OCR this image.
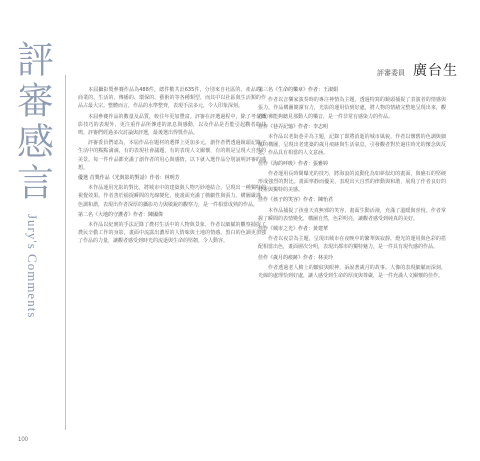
評審感言
Jury's Comments
評審委員 廣台生

本屆攝影獎參賽作品為488件，總件數共計635件，分別來自社區的、產品的、商業的、生活的、傳播的、環保的、藝術的等各種類型，而其中以社區與生活類的作品占最大宗。整體而言，作品的水準整齊，表現手法多元，令人印象深刻。

本屆參賽作品的數量及品質，較往年更加豐富。評審在評選過程中，除了考量攝影技巧的表現外，更注重作品所傳達的訊息與感動，以及作品是否能引起觀者的共鳴。評審們經過多次討論與評選，最後選出得獎作品。

評審委員們認為，本屆作品在題材的選擇上更加多元，創作者們透過鏡頭記錄了生活中的點點滴滴，有的表現社會議題，有的表現人文關懷，有的則是呈現大自然的美景，每一件作品都充滿了創作者的用心與感情。以下就入選作品分別說明評審的感想。

優選 首獎作品《光與影的對話》作者：林明芳

本作品運用光影的對比，將城市中的建築與人物巧妙地結合，呈現出一種獨特的視覺效果。作者善於捕捉瞬間的光線變化，使畫面充滿了戲劇性與張力。構圖嚴謹，色調和諧，表現出作者深厚的攝影功力與敏銳的觀察力，是一件相當成熟的作品。

第二名《大地的守護者》作者：陳國偉

本作品以紀實的手法記錄了農村生活中的人物與景象，作者以細膩的觀察捕捉了農民辛勤工作的身影，畫面中流露出濃厚的人情味與土地的情感。黑白的色調更加強了作品的力量，讓觀者感受到時光的流逝與生命的堅韌，令人動容。

第三名《生命的樂章》作者：王淑娟

作者以音樂家演奏時的專注神情為主題，透過特寫的鏡頭捕捉了表演者的情感與張力。作品構圖簡潔有力，光影的運用恰到好處，將人物的情緒完整地呈現出來，觀者彷彿能夠聽見那動人的樂音，是一件非常有感染力的作品。

佳作《巷弄記憶》作者：李志明

本作品以老街巷弄為主題，記錄了即將消逝的城市風貌。作者以懷舊的色調與細膩的構圖，呈現出老建築的歲月痕跡與生活氣息，引發觀者對於過往時光的懷念與反思，作品具有相當的人文意涵。

佳作《海的呼吸》作者：張雅婷

作者運用長時間曝光的技巧，將海浪的流動化為如夢似幻的畫面，與礁石的堅硬形成強烈的對比。畫面寧靜而優美，表現出大自然的律動與和諧，展現了作者良好的技術與獨特的美感。

佳作《孩子的笑容》作者：陳怡君

本作品捕捉了孩童天真無邪的笑容，畫面生動活潑，充滿了溫暖與喜悅。作者掌握了瞬間的表情變化，構圖自然，色彩明亮，讓觀者感受到純真的美好。

佳作《城市之光》作者：黃建華

作者以夜景為主題，呈現出城市在夜晚中的繁華與寂靜。燈光的運用與色彩的搭配相當出色，畫面層次分明，表現出都市的獨特魅力，是一件具有現代感的作品。

佳作《歲月的痕跡》作者：林美玲

作者透過老人臉上的皺紋與眼神，訴說著歲月的故事。人像的表現細膩而深刻，光線的處理恰到好處，讓人感受到生命的厚度與尊嚴，是一件充滿人文關懷的佳作。

100
